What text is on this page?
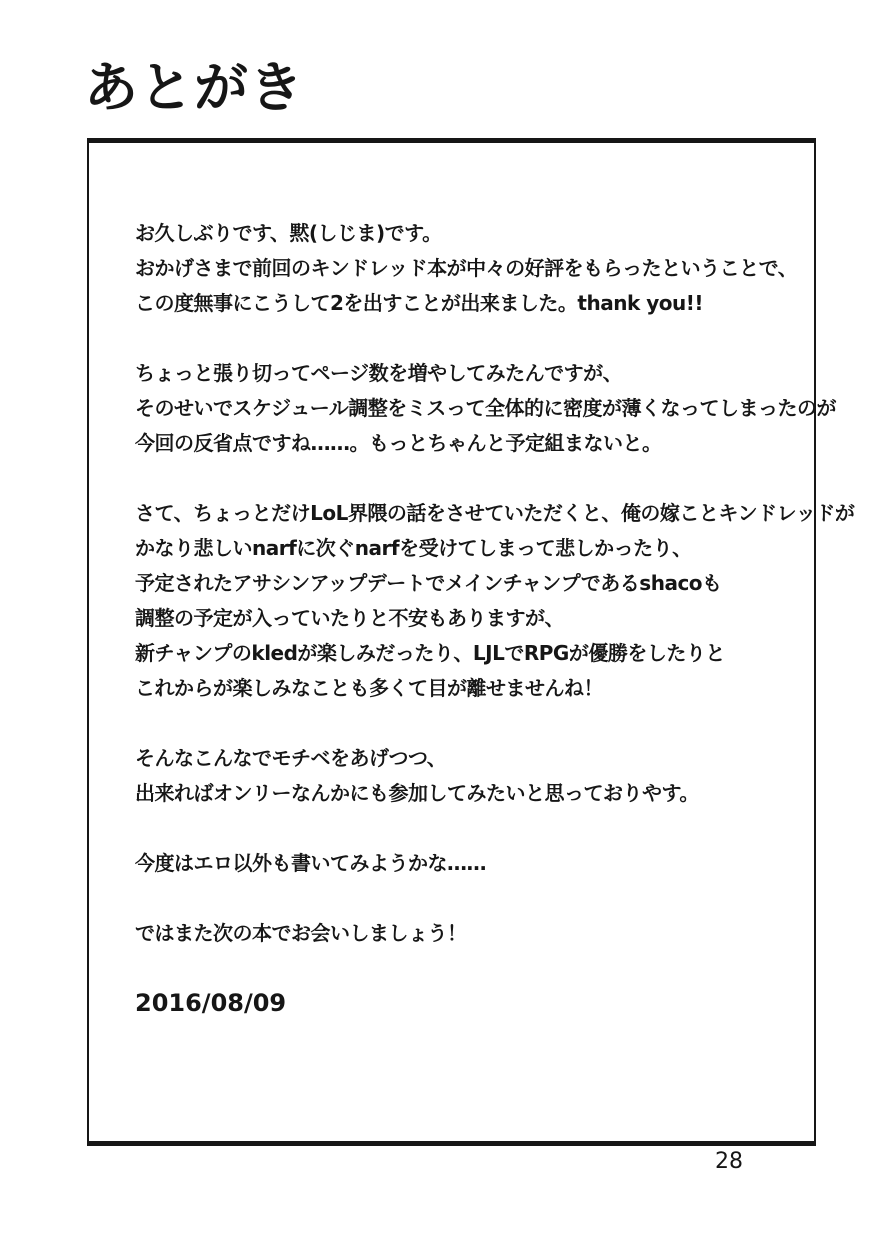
あとがき
お久しぶりです、黙(しじま)です。
おかげさまで前回のキンドレッド本が中々の好評をもらったということで、
この度無事にこうして2を出すことが出来ました。thank you!!
ちょっと張り切ってページ数を増やしてみたんですが、
そのせいでスケジュール調整をミスって全体的に密度が薄くなってしまったのが
今回の反省点ですね……。もっとちゃんと予定組まないと。
さて、ちょっとだけLoL界隈の話をさせていただくと、俺の嫁ことキンドレッドが
かなり悲しいnarfに次ぐnarfを受けてしまって悲しかったり、
予定されたアサシンアップデートでメインチャンプであるshacoも
調整の予定が入っていたりと不安もありますが、
新チャンプのkledが楽しみだったり、LJLでRPGが優勝をしたりと
これからが楽しみなことも多くて目が離せませんね！
そんなこんなでモチベをあげつつ、
出来ればオンリーなんかにも参加してみたいと思っておりやす。
今度はエロ以外も書いてみようかな……
ではまた次の本でお会いしましょう！
2016/08/09
28
